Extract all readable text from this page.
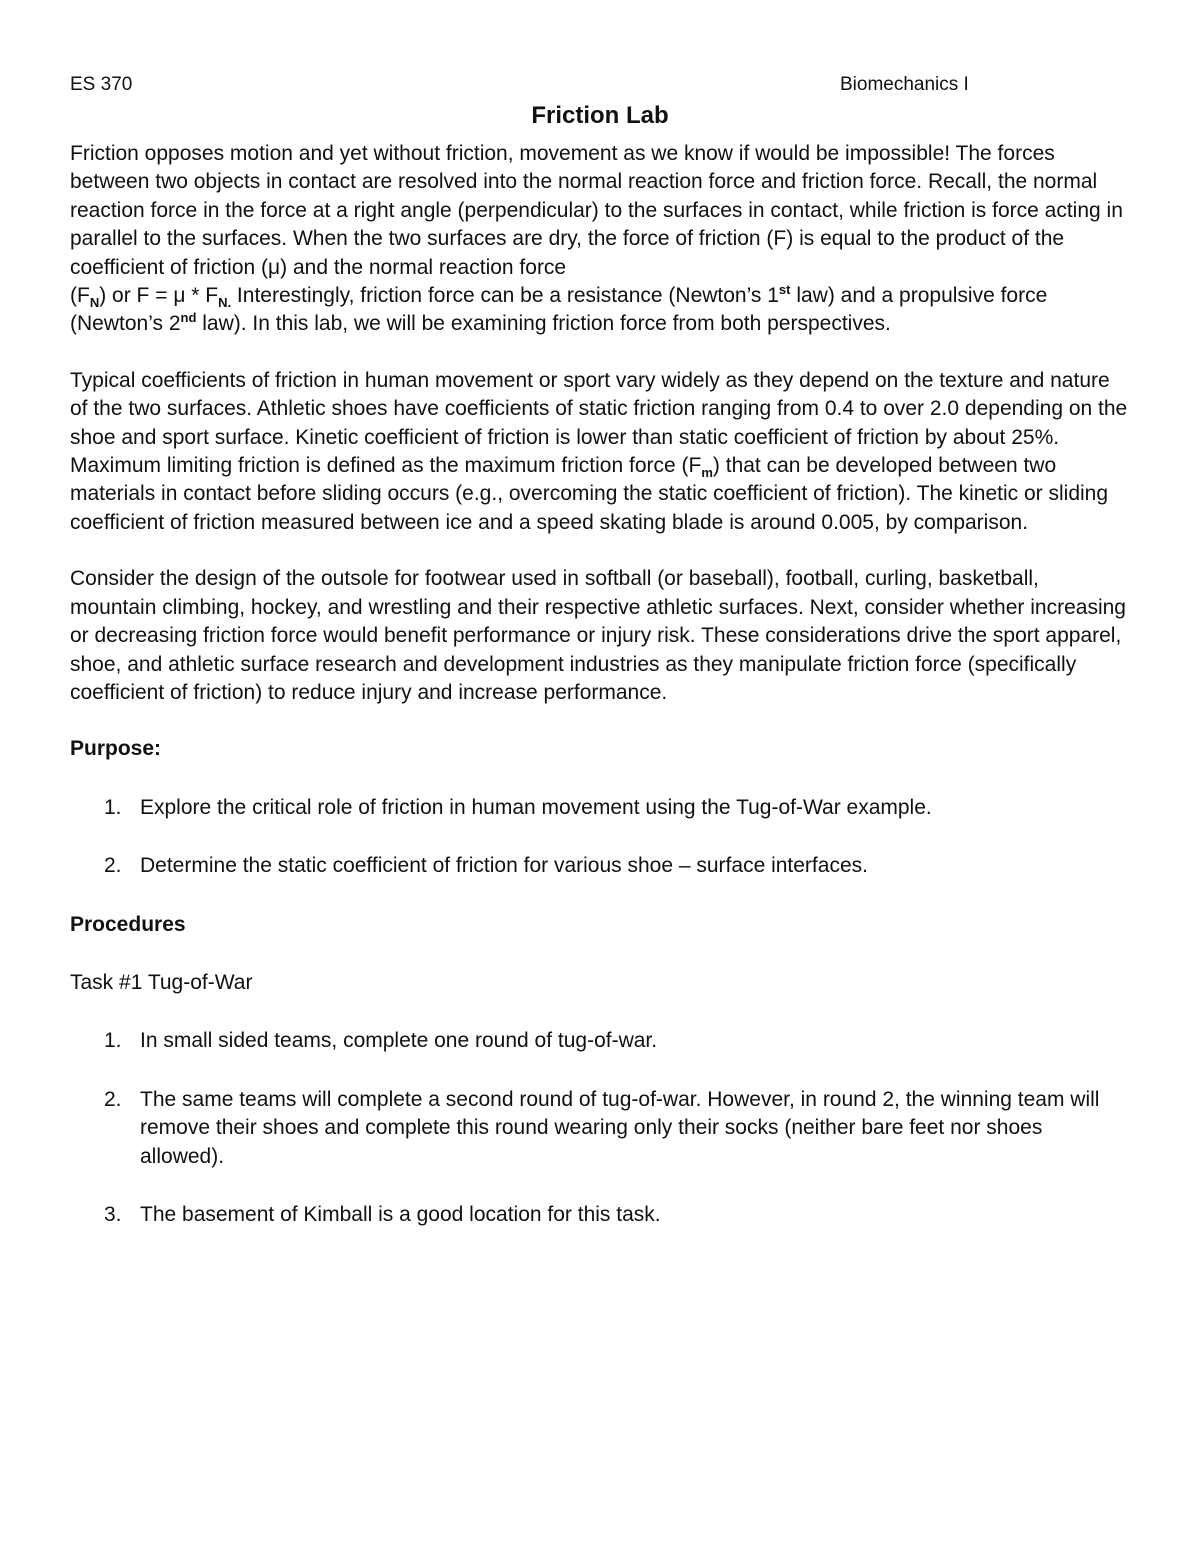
ES 370	Biomechanics I
Friction Lab

Friction opposes motion and yet without friction, movement as we know if would be impossible! The forces between two objects in contact are resolved into the normal reaction force and friction force. Recall, the normal reaction force in the force at a right angle (perpendicular) to the surfaces in contact, while friction is force acting in parallel to the surfaces. When the two surfaces are dry, the force of friction (F) is equal to the product of the coefficient of friction (μ) and the normal reaction force
$(F_N)$ or $F = \mu * F_{N.}$ Interestingly, friction force can be a resistance (Newton’s 1st law) and a propulsive force (Newton’s 2nd law). In this lab, we will be examining friction force from both perspectives.

Typical coefficients of friction in human movement or sport vary widely as they depend on the texture and nature of the two surfaces. Athletic shoes have coefficients of static friction ranging from 0.4 to over 2.0 depending on the shoe and sport surface. Kinetic coefficient of friction is lower than static coefficient of friction by about 25%. Maximum limiting friction is defined as the maximum friction force $(F_m)$ that can be developed between two materials in contact before sliding occurs (e.g., overcoming the static coefficient of friction). The kinetic or sliding coefficient of friction measured between ice and a speed skating blade is around 0.005, by comparison.

Consider the design of the outsole for footwear used in softball (or baseball), football, curling, basketball, mountain climbing, hockey, and wrestling and their respective athletic surfaces. Next, consider whether increasing or decreasing friction force would benefit performance or injury risk. These considerations drive the sport apparel, shoe, and athletic surface research and development industries as they manipulate friction force (specifically coefficient of friction) to reduce injury and increase performance.

Purpose:
1. Explore the critical role of friction in human movement using the Tug-of-War example.
2. Determine the static coefficient of friction for various shoe – surface interfaces.
Procedures
Task #1 Tug-of-War
1. In small sided teams, complete one round of tug-of-war.
2. The same teams will complete a second round of tug-of-war. However, in round 2, the winning team will remove their shoes and complete this round wearing only their socks (neither bare feet nor shoes allowed).
3. The basement of Kimball is a good location for this task.
